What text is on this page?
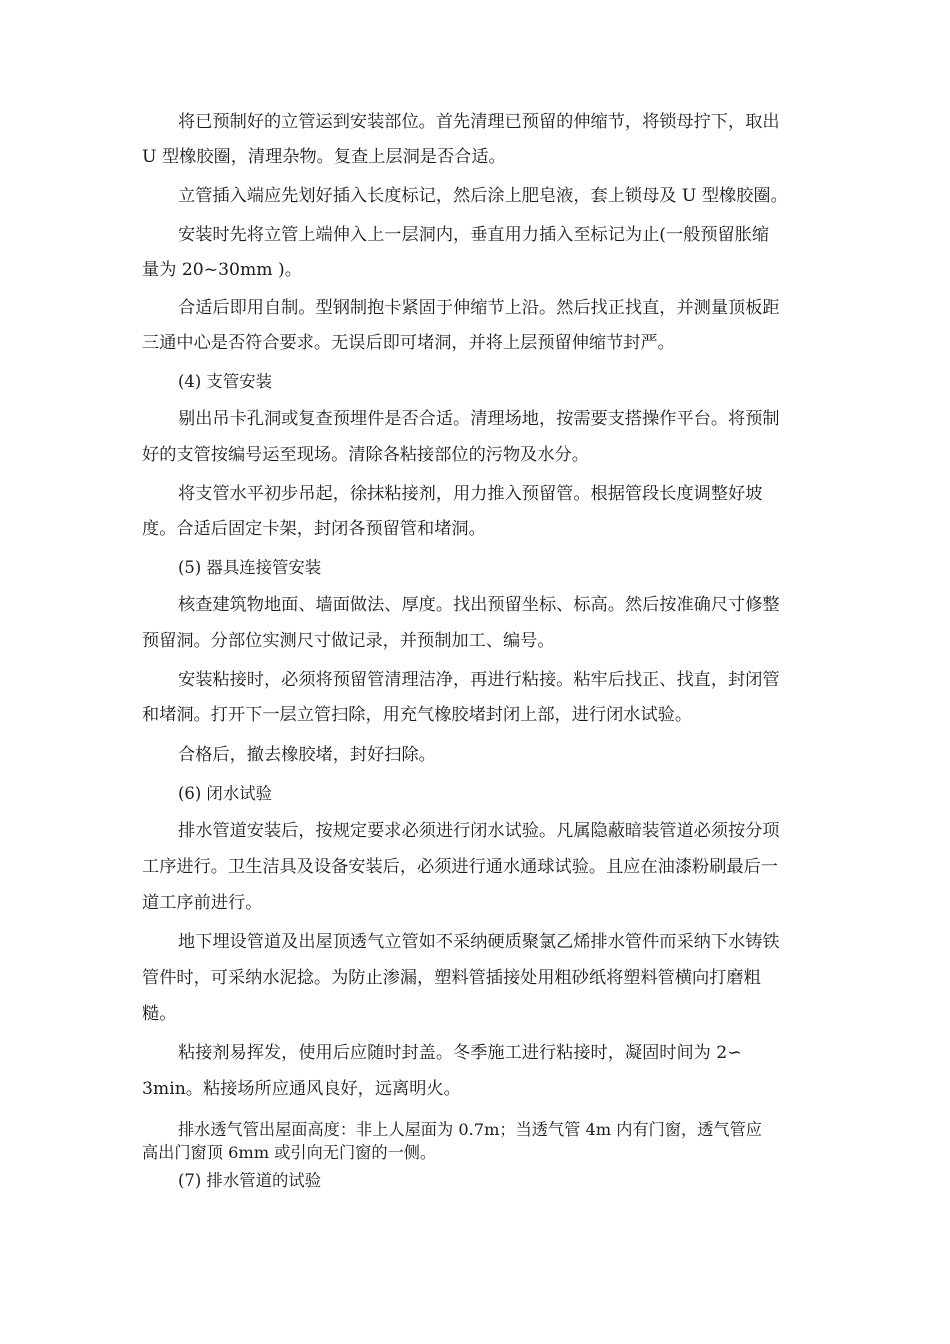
将已预制好的立管运到安装部位。首先清理已预留的伸缩节，将锁母拧下，取出
U 型橡胶圈，清理杂物。复查上层洞是否合适。
立管插入端应先划好插入长度标记，然后涂上肥皂液，套上锁母及 U 型橡胶圈。
安装时先将立管上端伸入上一层洞内，垂直用力插入至标记为止(一般预留胀缩
量为 20~30mm )。
合适后即用自制。型钢制抱卡紧固于伸缩节上沿。然后找正找直，并测量顶板距
三通中心是否符合要求。无误后即可堵洞，并将上层预留伸缩节封严。
(4) 支管安装
剔出吊卡孔洞或复查预埋件是否合适。清理场地，按需要支搭操作平台。将预制
好的支管按编号运至现场。清除各粘接部位的污物及水分。
将支管水平初步吊起，徐抹粘接剂，用力推入预留管。根据管段长度调整好坡
度。合适后固定卡架，封闭各预留管和堵洞。
(5) 器具连接管安装
核查建筑物地面、墙面做法、厚度。找出预留坐标、标高。然后按准确尺寸修整
预留洞。分部位实测尺寸做记录，并预制加工、编号。
安装粘接时，必须将预留管清理洁净，再进行粘接。粘牢后找正、找直，封闭管
和堵洞。打开下一层立管扫除，用充气橡胶堵封闭上部，进行闭水试验。
合格后，撤去橡胶堵，封好扫除。
(6) 闭水试验
排水管道安装后，按规定要求必须进行闭水试验。凡属隐蔽暗装管道必须按分项
工序进行。卫生洁具及设备安装后，必须进行通水通球试验。且应在油漆粉刷最后一
道工序前进行。
地下埋设管道及出屋顶透气立管如不采纳硬质聚氯乙烯排水管件而采纳下水铸铁
管件时，可采纳水泥捻。为防止渗漏，塑料管插接处用粗砂纸将塑料管横向打磨粗
糙。
粘接剂易挥发，使用后应随时封盖。冬季施工进行粘接时，凝固时间为 2∽
3min。粘接场所应通风良好，远离明火。
排水透气管出屋面高度：非上人屋面为 0.7m；当透气管 4m 内有门窗，透气管应
高出门窗顶 6mm 或引向无门窗的一侧。
(7) 排水管道的试验
